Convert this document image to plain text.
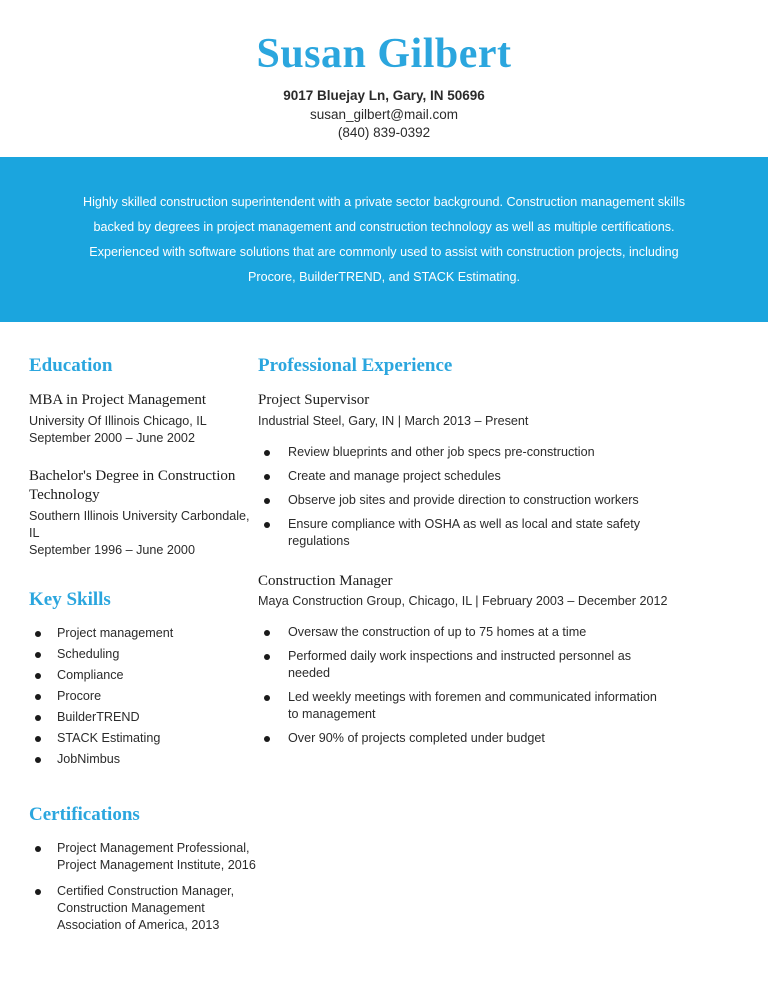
Susan Gilbert
9017 Bluejay Ln, Gary, IN 50696
susan_gilbert@mail.com
(840) 839-0392
Highly skilled construction superintendent with a private sector background. Construction management skills backed by degrees in project management and construction technology as well as multiple certifications. Experienced with software solutions that are commonly used to assist with construction projects, including Procore, BuilderTREND, and STACK Estimating.
Education
MBA in Project Management
University Of Illinois Chicago, IL
September 2000 – June 2002
Bachelor's Degree in Construction Technology
Southern Illinois University Carbondale, IL
September 1996 – June 2000
Key Skills
Project management
Scheduling
Compliance
Procore
BuilderTREND
STACK Estimating
JobNimbus
Certifications
Project Management Professional, Project Management Institute, 2016
Certified Construction Manager, Construction Management Association of America, 2013
Professional Experience
Project Supervisor
Industrial Steel, Gary, IN | March 2013 – Present
Review blueprints and other job specs pre-construction
Create and manage project schedules
Observe job sites and provide direction to construction workers
Ensure compliance with OSHA as well as local and state safety regulations
Construction Manager
Maya Construction Group, Chicago, IL | February 2003 – December 2012
Oversaw the construction of up to 75 homes at a time
Performed daily work inspections and instructed personnel as needed
Led weekly meetings with foremen and communicated information to management
Over 90% of projects completed under budget
